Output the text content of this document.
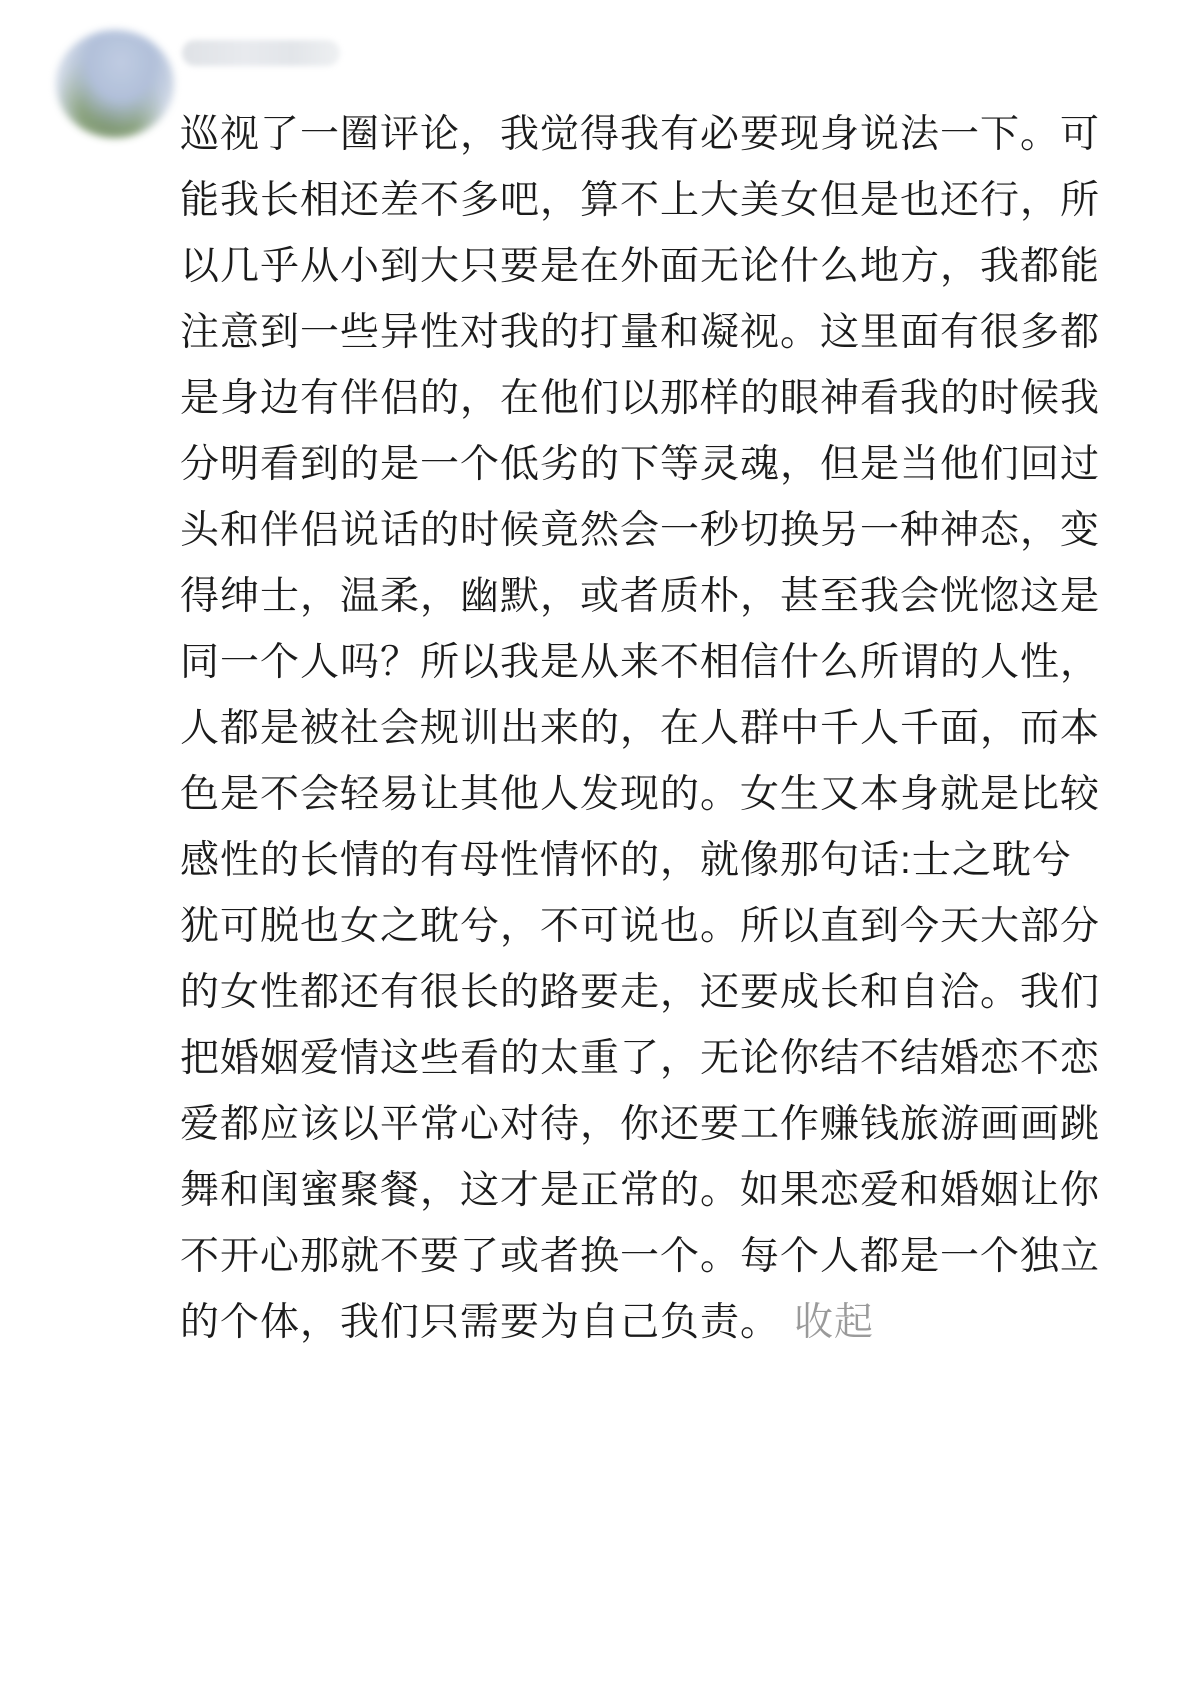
巡视了一圈评论，我觉得我有必要现身说法一下。可能我长相还差不多吧，算不上大美女但是也还行，所以几乎从小到大只要是在外面无论什么地方，我都能注意到一些异性对我的打量和凝视。这里面有很多都是身边有伴侣的，在他们以那样的眼神看我的时候我分明看到的是一个低劣的下等灵魂，但是当他们回过头和伴侣说话的时候竟然会一秒切换另一种神态，变得绅士，温柔，幽默，或者质朴，甚至我会恍惚这是同一个人吗？所以我是从来不相信什么所谓的人性，人都是被社会规训出来的，在人群中千人千面，而本色是不会轻易让其他人发现的。女生又本身就是比较感性的长情的有母性情怀的，就像那句话:士之耽兮犹可脱也女之耽兮，不可说也。所以直到今天大部分的女性都还有很长的路要走，还要成长和自洽。我们把婚姻爱情这些看的太重了，无论你结不结婚恋不恋爱都应该以平常心对待，你还要工作赚钱旅游画画跳舞和闺蜜聚餐，这才是正常的。如果恋爱和婚姻让你不开心那就不要了或者换一个。每个人都是一个独立的个体，我们只需要为自己负责。 收起
